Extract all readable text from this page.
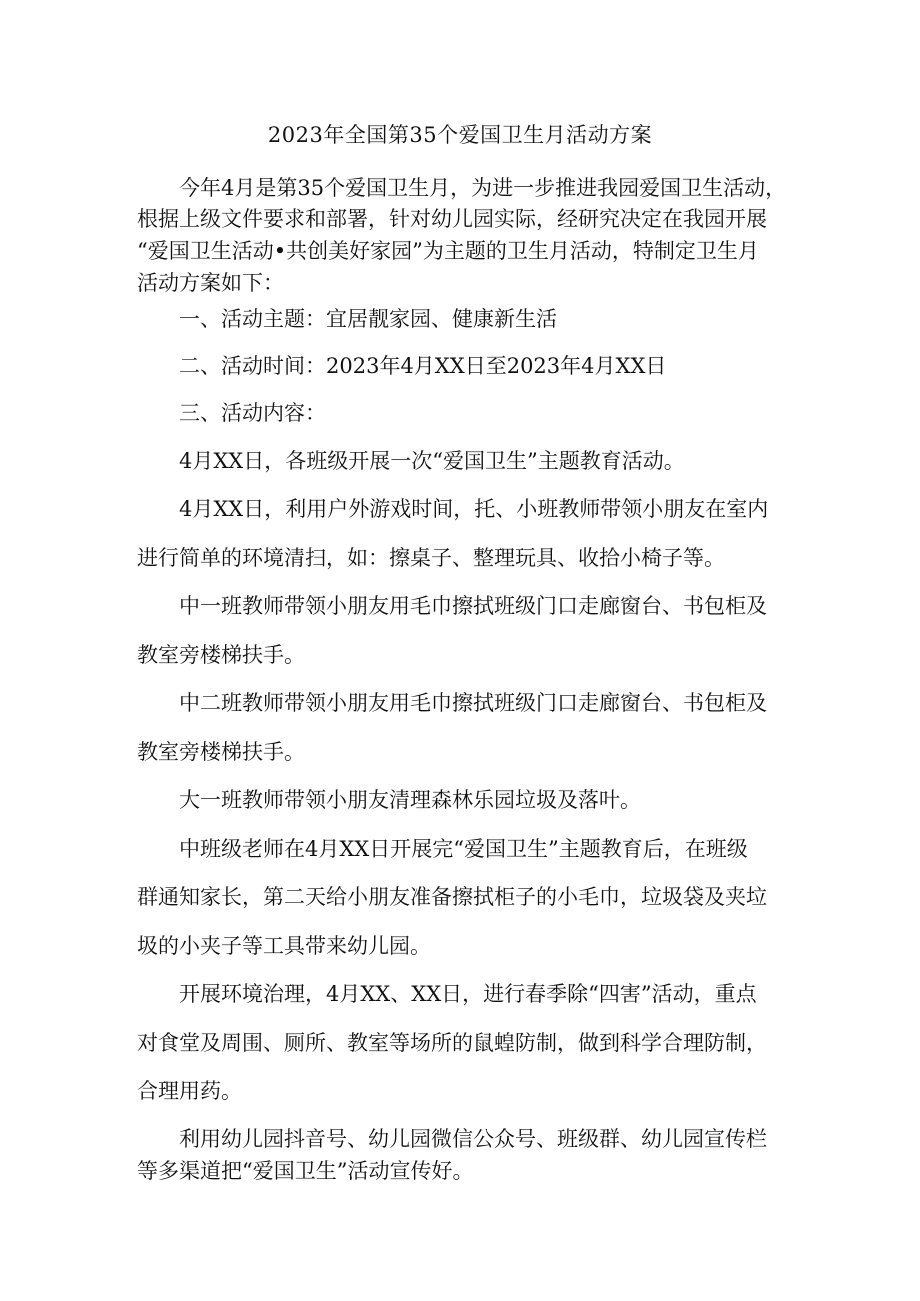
2023年全国第35个爱国卫生月活动方案
今年4月是第35个爱国卫生月，为进一步推进我园爱国卫生活动，
根据上级文件要求和部署，针对幼儿园实际，经研究决定在我园开展
“爱国卫生活动•共创美好家园”为主题的卫生月活动，特制定卫生月
活动方案如下：
一、活动主题：宜居靓家园、健康新生活
二、活动时间：2023年4月XX日至2023年4月XX日
三、活动内容：
4月XX日，各班级开展一次“爱国卫生”主题教育活动。
4月XX日，利用户外游戏时间，托、小班教师带领小朋友在室内
进行简单的环境清扫，如：擦桌子、整理玩具、收拾小椅子等。
中一班教师带领小朋友用毛巾擦拭班级门口走廊窗台、书包柜及
教室旁楼梯扶手。
中二班教师带领小朋友用毛巾擦拭班级门口走廊窗台、书包柜及
教室旁楼梯扶手。
大一班教师带领小朋友清理森林乐园垃圾及落叶。
中班级老师在4月XX日开展完“爱国卫生”主题教育后，在班级
群通知家长，第二天给小朋友准备擦拭柜子的小毛巾，垃圾袋及夹垃
圾的小夹子等工具带来幼儿园。
开展环境治理，4月XX、XX日，进行春季除“四害”活动，重点
对食堂及周围、厕所、教室等场所的鼠蝗防制，做到科学合理防制，
合理用药。
利用幼儿园抖音号、幼儿园微信公众号、班级群、幼儿园宣传栏
等多渠道把“爱国卫生”活动宣传好。
